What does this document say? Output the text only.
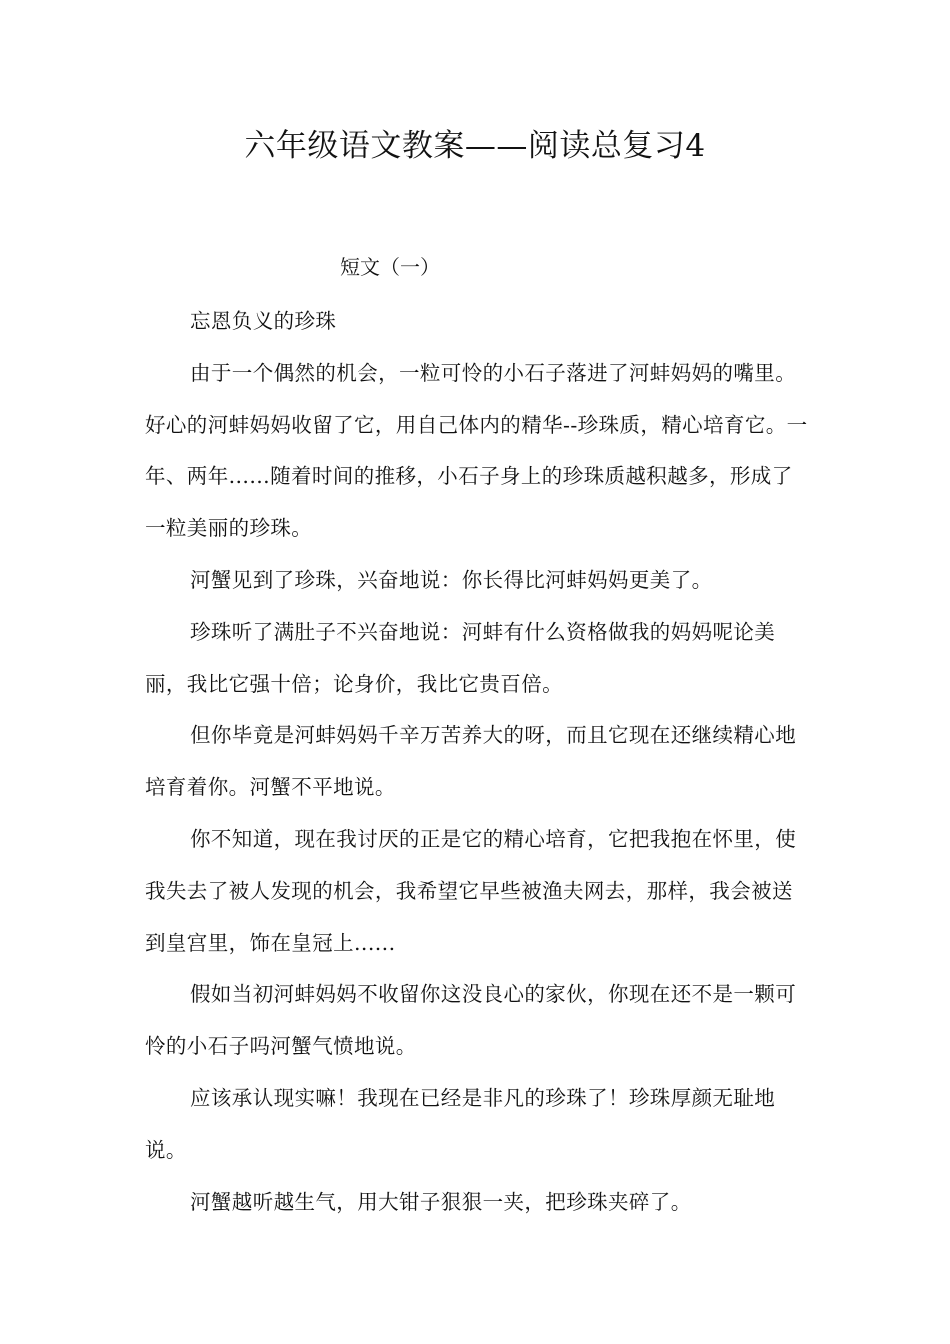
六年级语文教案——阅读总复习4
短文（一）

忘恩负义的珍珠

由于一个偶然的机会，一粒可怜的小石子落进了河蚌妈妈的嘴里。好心的河蚌妈妈收留了它，用自己体内的精华--珍珠质，精心培育它。一年、两年......随着时间的推移，小石子身上的珍珠质越积越多，形成了一粒美丽的珍珠。

河蟹见到了珍珠，兴奋地说：你长得比河蚌妈妈更美了。

珍珠听了满肚子不兴奋地说：河蚌有什么资格做我的妈妈呢论美丽，我比它强十倍；论身价，我比它贵百倍。

但你毕竟是河蚌妈妈千辛万苦养大的呀，而且它现在还继续精心地培育着你。河蟹不平地说。

你不知道，现在我讨厌的正是它的精心培育，它把我抱在怀里，使我失去了被人发现的机会，我希望它早些被渔夫网去，那样，我会被送到皇宫里，饰在皇冠上......

假如当初河蚌妈妈不收留你这没良心的家伙，你现在还不是一颗可怜的小石子吗河蟹气愤地说。

应该承认现实嘛！我现在已经是非凡的珍珠了！珍珠厚颜无耻地说。

河蟹越听越生气，用大钳子狠狠一夹，把珍珠夹碎了。
